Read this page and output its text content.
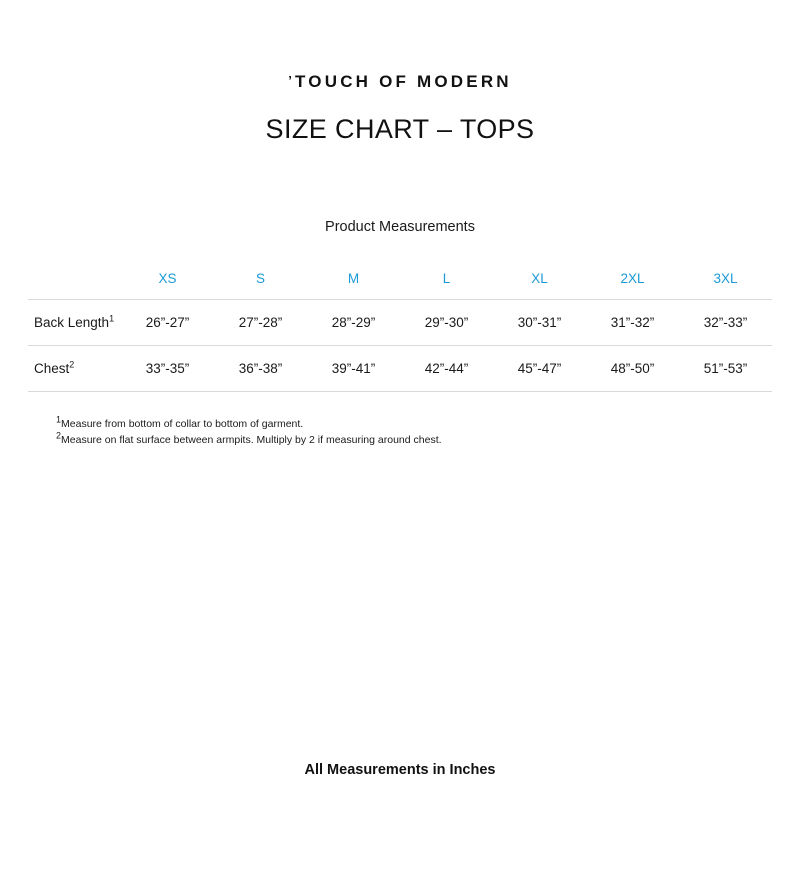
’TOUCH OF MODERN
SIZE CHART – TOPS
Product Measurements
	XS	S	M	L	XL	2XL	3XL
Back Length$^1$	26”-27”	27”-28”	28”-29”	29”-30”	30”-31”	31”-32”	32”-33”
Chest$^2$	33”-35”	36”-38”	39”-41”	42”-44”	45”-47”	48”-50”	51”-53”
$^1$Measure from bottom of collar to bottom of garment.
$^2$Measure on flat surface between armpits. Multiply by 2 if measuring around chest.
All Measurements in Inches
